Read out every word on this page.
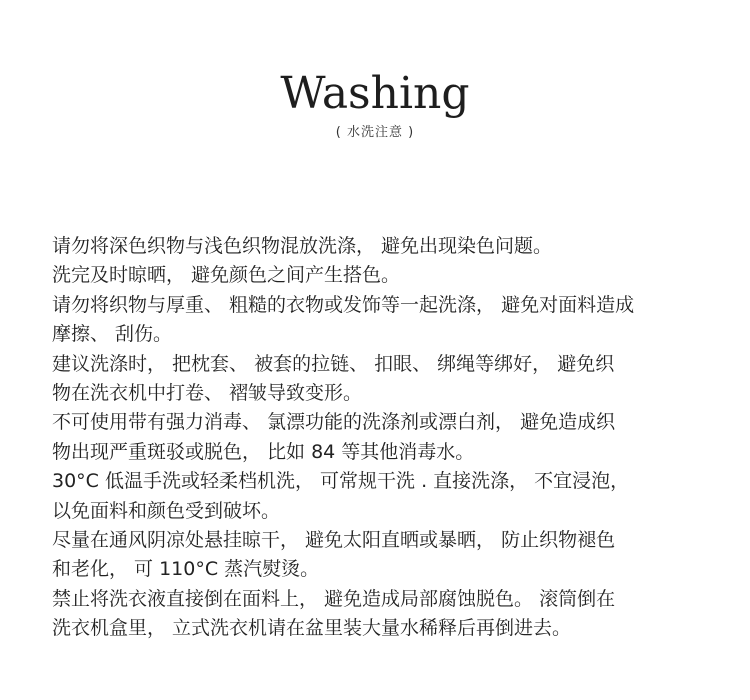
Washing
( 水洗注意 )

请勿将深色织物与浅色织物混放洗涤， 避免出现染色问题。

洗完及时晾晒， 避免颜色之间产生搭色。

请勿将织物与厚重、 粗糙的衣物或发饰等一起洗涤， 避免对面料造成

摩擦、 刮伤。

建议洗涤时， 把枕套、 被套的拉链、 扣眼、 绑绳等绑好， 避免织

物在洗衣机中打卷、 褶皱导致变形。

不可使用带有强力消毒、 氯漂功能的洗涤剂或漂白剂， 避免造成织

物出现严重斑驳或脱色， 比如 84 等其他消毒水。

30°C 低温手洗或轻柔档机洗， 可常规干洗 . 直接洗涤， 不宜浸泡，

以免面料和颜色受到破坏。

尽量在通风阴凉处悬挂晾干， 避免太阳直晒或暴晒， 防止织物褪色

和老化， 可 110°C 蒸汽熨烫。

禁止将洗衣液直接倒在面料上， 避免造成局部腐蚀脱色。 滚筒倒在

洗衣机盒里， 立式洗衣机请在盆里装大量水稀释后再倒进去。
